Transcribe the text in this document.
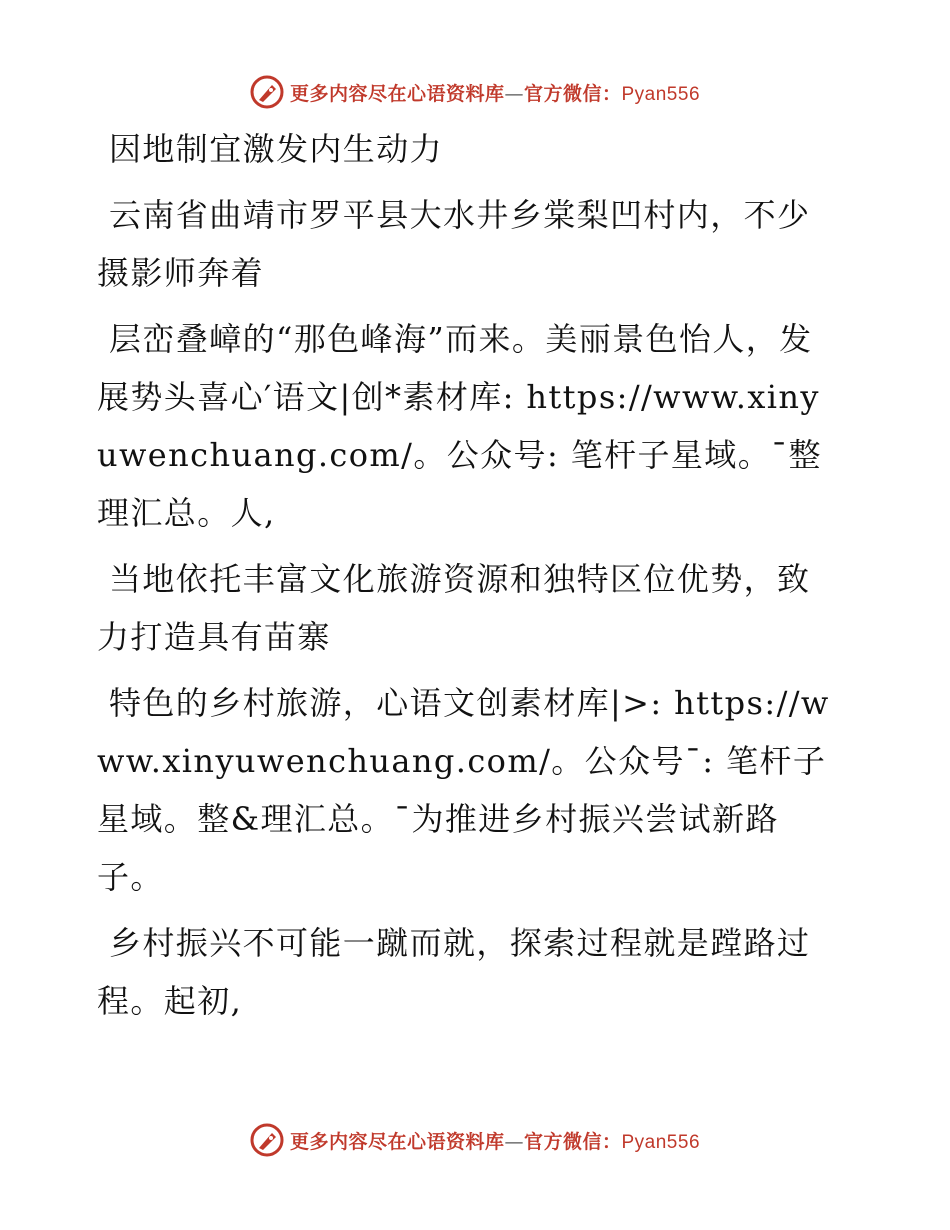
更多内容尽在心语资料库—官方微信：Pyan556

因地制宜激发内生动力

云南省曲靖市罗平县大水井乡棠梨凹村内，不少摄影师奔着

层峦叠嶂的“那色峰海”而来。美丽景色怡人，发展势头喜心′语文|创*素材库: https://www.xinyuwenchuang.com/。公众号: 笔杆子星域。¯整理汇总。人,

当地依托丰富文化旅游资源和独特区位优势，致力打造具有苗寨

特色的乡村旅游，心语文创素材库|>: https://www.xinyuwenchuang.com/。公众号¯: 笔杆子星域。整&理汇总。¯为推进乡村振兴尝试新路子。

乡村振兴不可能一蹴而就，探索过程就是蹚路过程。起初,

更多内容尽在心语资料库—官方微信：Pyan556
